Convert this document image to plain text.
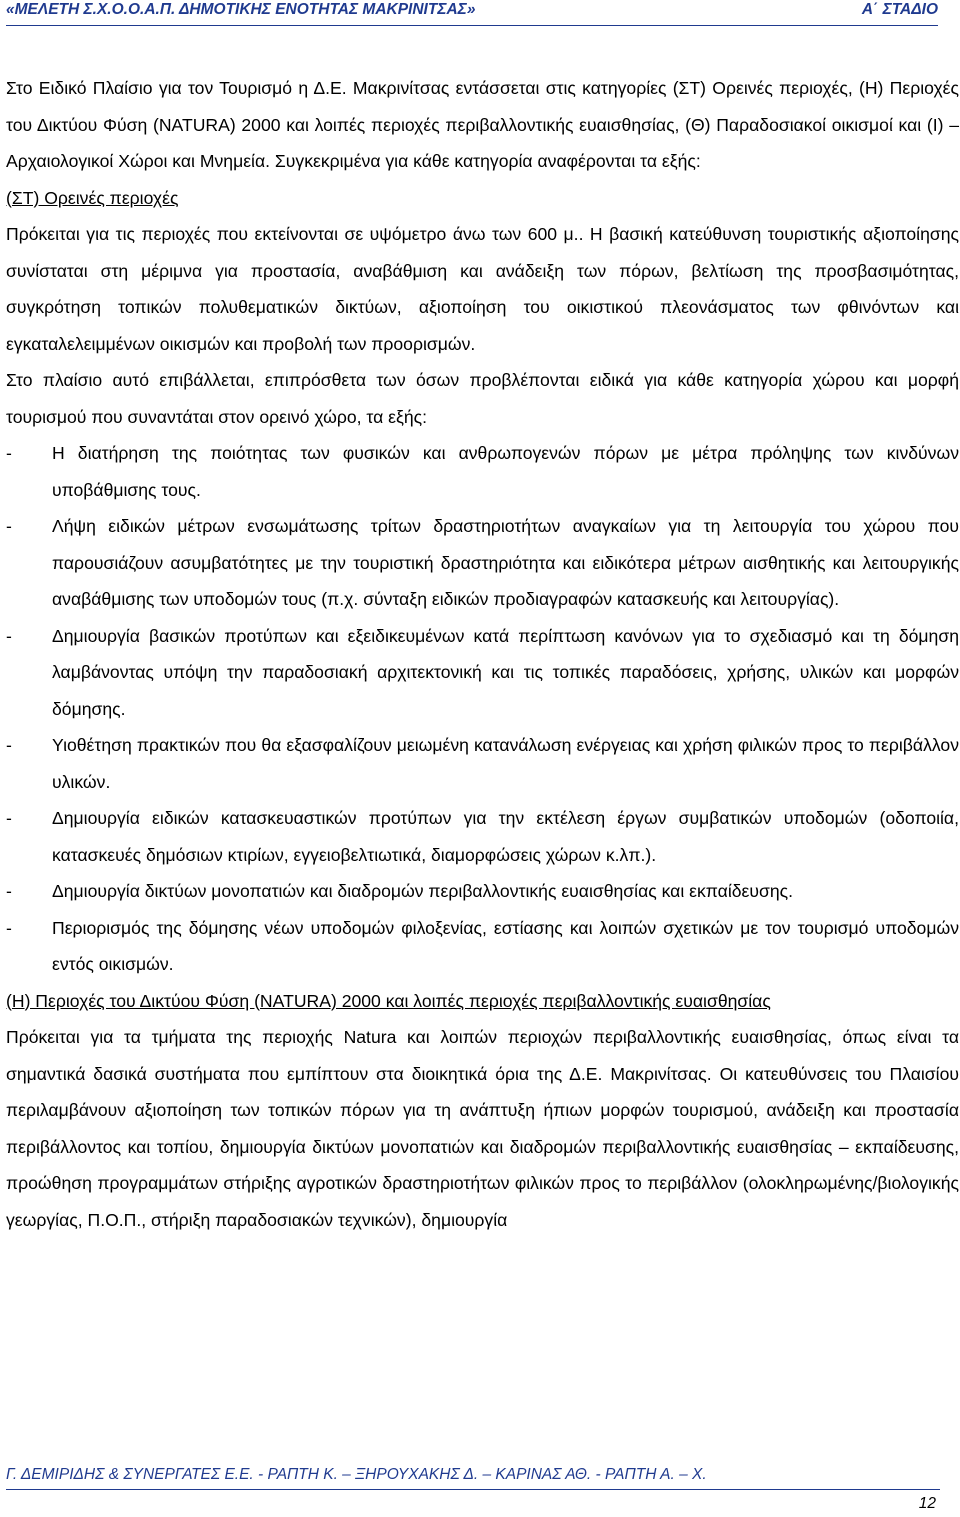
«ΜΕΛΕΤΗ Σ.Χ.Ο.Ο.Α.Π. ΔΗΜΟΤΙΚΗΣ ΕΝΟΤΗΤΑΣ ΜΑΚΡΙΝΙΤΣΑΣ»	Α΄ ΣΤΑΔΙΟ

Στο Ειδικό Πλαίσιο για τον Τουρισμό η Δ.Ε. Μακρινίτσας εντάσσεται στις κατηγορίες (ΣΤ) Ορεινές περιοχές, (Η) Περιοχές του Δικτύου Φύση (NATURA) 2000 και λοιπές περιοχές περιβαλλοντικής ευαισθησίας, (Θ) Παραδοσιακοί οικισμοί και (Ι) – Αρχαιολογικοί Χώροι και Μνημεία. Συγκεκριμένα για κάθε κατηγορία αναφέρονται τα εξής:

(ΣΤ) Ορεινές περιοχές

Πρόκειται για τις περιοχές που εκτείνονται σε υψόμετρο άνω των 600 μ.. Η βασική κατεύθυνση τουριστικής αξιοποίησης συνίσταται στη μέριμνα για προστασία, αναβάθμιση και ανάδειξη των πόρων, βελτίωση της προσβασιμότητας, συγκρότηση τοπικών πολυθεματικών δικτύων, αξιοποίηση του οικιστικού πλεονάσματος των φθινόντων και εγκαταλελειμμένων οικισμών και προβολή των προορισμών.

Στο πλαίσιο αυτό επιβάλλεται, επιπρόσθετα των όσων προβλέπονται ειδικά για κάθε κατηγορία χώρου και μορφή τουρισμού που συναντάται στον ορεινό χώρο, τα εξής:

-	Η διατήρηση της ποιότητας των φυσικών και ανθρωπογενών πόρων με μέτρα πρόληψης των κινδύνων υποβάθμισης τους.
-	Λήψη ειδικών μέτρων ενσωμάτωσης τρίτων δραστηριοτήτων αναγκαίων για τη λειτουργία του χώρου που παρουσιάζουν ασυμβατότητες με την τουριστική δραστηριότητα και ειδικότερα μέτρων αισθητικής και λειτουργικής αναβάθμισης των υποδομών τους (π.χ. σύνταξη ειδικών προδιαγραφών κατασκευής και λειτουργίας).
-	Δημιουργία βασικών προτύπων και εξειδικευμένων κατά περίπτωση κανόνων για το σχεδιασμό και τη δόμηση λαμβάνοντας υπόψη την παραδοσιακή αρχιτεκτονική και τις τοπικές παραδόσεις, χρήσης, υλικών και μορφών δόμησης.
-	Υιοθέτηση πρακτικών που θα εξασφαλίζουν μειωμένη κατανάλωση ενέργειας και χρήση φιλικών προς το περιβάλλον υλικών.
-	Δημιουργία ειδικών κατασκευαστικών προτύπων για την εκτέλεση έργων συμβατικών υποδομών (οδοποιία, κατασκευές δημόσιων κτιρίων, εγγειοβελτιωτικά, διαμορφώσεις χώρων κ.λπ.).
-	Δημιουργία δικτύων μονοπατιών και διαδρομών περιβαλλοντικής ευαισθησίας και εκπαίδευσης.
-	Περιορισμός της δόμησης νέων υποδομών φιλοξενίας, εστίασης και λοιπών σχετικών με τον τουρισμό υποδομών εντός οικισμών.

(Η) Περιοχές του Δικτύου Φύση (NATURA) 2000 και λοιπές περιοχές περιβαλλοντικής ευαισθησίας

Πρόκειται για τα τμήματα της περιοχής Natura και λοιπών περιοχών περιβαλλοντικής ευαισθησίας, όπως είναι τα σημαντικά δασικά συστήματα που εμπίπτουν στα διοικητικά όρια της Δ.Ε. Μακρινίτσας. Οι κατευθύνσεις του Πλαισίου περιλαμβάνουν αξιοποίηση των τοπικών πόρων για τη ανάπτυξη ήπιων μορφών τουρισμού, ανάδειξη και προστασία περιβάλλοντος και τοπίου, δημιουργία δικτύων μονοπατιών και διαδρομών περιβαλλοντικής ευαισθησίας – εκπαίδευσης, προώθηση προγραμμάτων στήριξης αγροτικών δραστηριοτήτων φιλικών προς το περιβάλλον (ολοκληρωμένης/βιολογικής γεωργίας, Π.Ο.Π., στήριξη παραδοσιακών τεχνικών), δημιουργία

Γ. ΔΕΜΙΡΙΔΗΣ & ΣΥΝΕΡΓΑΤΕΣ Ε.Ε. - ΡΑΠΤΗ Κ. – ΞΗΡΟΥΧΑΚΗΣ Δ. – ΚΑΡΙΝΑΣ ΑΘ. - ΡΑΠΤΗ Α. – Χ.
12
